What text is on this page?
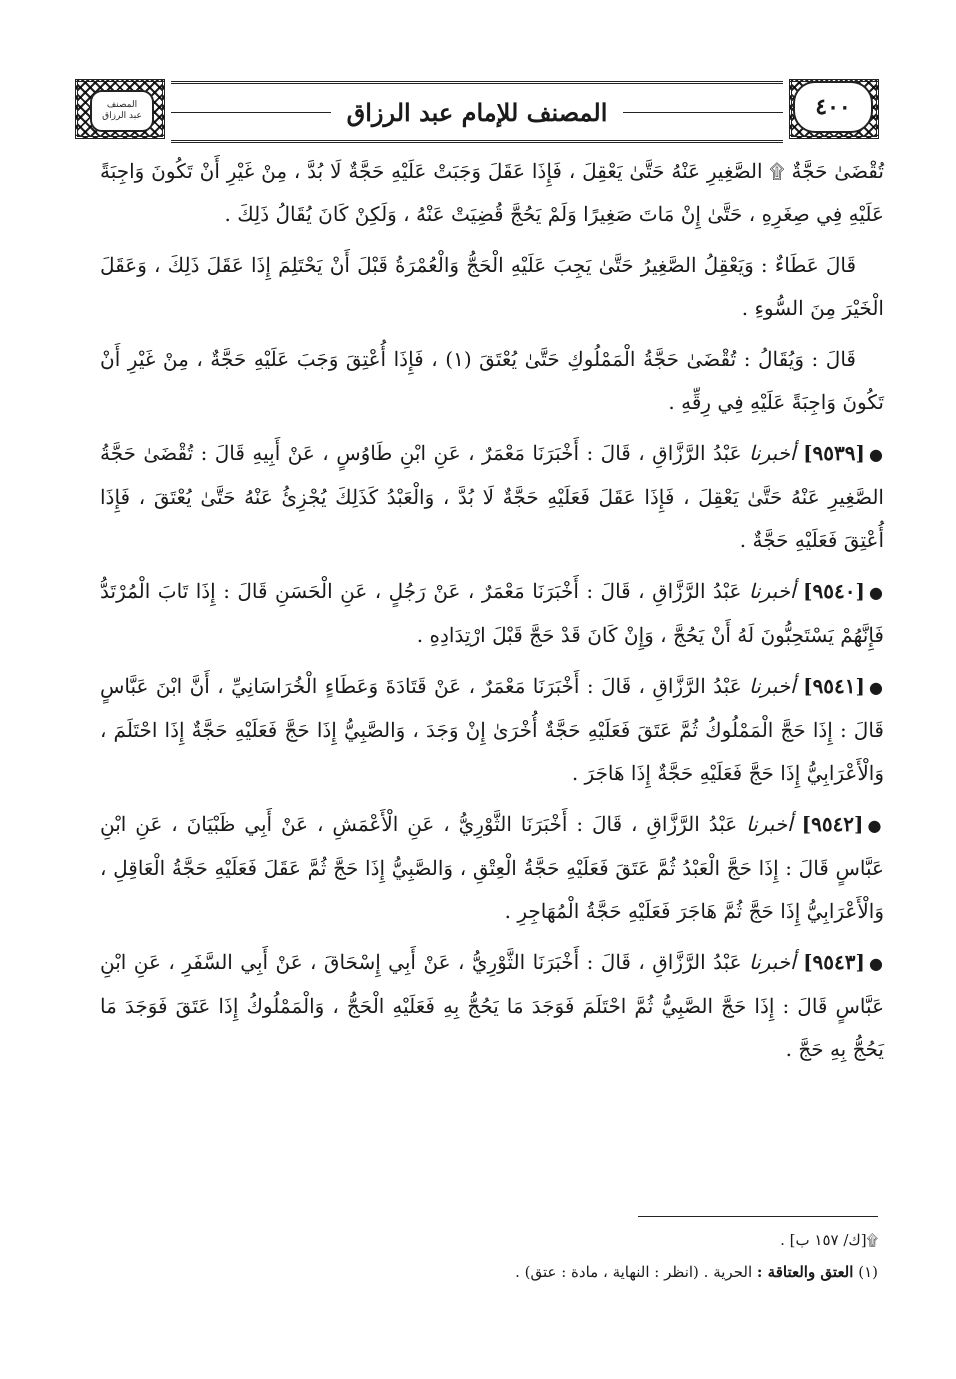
المصنف
عبد الرزاق	المصنف للإمام عبد الرزاق	٤٠٠

تُقْضَىٰ حَجَّةٌ ۩ الصَّغِيرِ عَنْهُ حَتَّىٰ يَعْقِلَ ، فَإِذَا عَقَلَ وَجَبَتْ عَلَيْهِ حَجَّةٌ لَا بُدَّ ، مِنْ غَيْرِ أَنْ تَكُونَ وَاجِبَةً عَلَيْهِ فِي صِغَرِهِ ، حَتَّىٰ إِنْ مَاتَ صَغِيرًا وَلَمْ يَحُجَّ قُضِيَتْ عَنْهُ ، وَلَكِنْ كَانَ يُقَالُ ذَلِكَ .

قَالَ عَطَاءٌ : وَيَعْقِلُ الصَّغِيرُ حَتَّىٰ يَجِبَ عَلَيْهِ الْحَجُّ وَالْعُمْرَةُ قَبْلَ أَنْ يَحْتَلِمَ إِذَا عَقَلَ ذَلِكَ ، وَعَقَلَ الْخَيْرَ مِنَ السُّوءِ .

قَالَ : وَيُقَالُ : تُقْضَىٰ حَجَّةُ الْمَمْلُوكِ حَتَّىٰ يُعْتَقَ (١) ، فَإِذَا أُعْتِقَ وَجَبَ عَلَيْهِ حَجَّةٌ ، مِنْ غَيْرِ أَنْ تَكُونَ وَاجِبَةً عَلَيْهِ فِي رِقِّهِ .

●[٩٥٣٩] أخبرنا عَبْدُ الرَّزَّاقِ ، قَالَ : أَخْبَرَنَا مَعْمَرٌ ، عَنِ ابْنِ طَاوُسٍ ، عَنْ أَبِيهِ قَالَ : تُقْضَىٰ حَجَّةُ الصَّغِيرِ عَنْهُ حَتَّىٰ يَعْقِلَ ، فَإِذَا عَقَلَ فَعَلَيْهِ حَجَّةٌ لَا بُدَّ ، وَالْعَبْدُ كَذَلِكَ يُجْزِئُ عَنْهُ حَتَّىٰ يُعْتَقَ ، فَإِذَا أُعْتِقَ فَعَلَيْهِ حَجَّةٌ .

●[٩٥٤٠] أخبرنا عَبْدُ الرَّزَّاقِ ، قَالَ : أَخْبَرَنَا مَعْمَرٌ ، عَنْ رَجُلٍ ، عَنِ الْحَسَنِ قَالَ : إِذَا تَابَ الْمُرْتَدُّ فَإِنَّهُمْ يَسْتَحِبُّونَ لَهُ أَنْ يَحُجَّ ، وَإِنْ كَانَ قَدْ حَجَّ قَبْلَ ارْتِدَادِهِ .

●[٩٥٤١] أخبرنا عَبْدُ الرَّزَّاقِ ، قَالَ : أَخْبَرَنَا مَعْمَرٌ ، عَنْ قَتَادَةَ وَعَطَاءٍ الْخُرَاسَانِيِّ ، أَنَّ ابْنَ عَبَّاسٍ قَالَ : إِذَا حَجَّ الْمَمْلُوكُ ثُمَّ عَتَقَ فَعَلَيْهِ حَجَّةٌ أُخْرَىٰ إِنْ وَجَدَ ، وَالصَّبِيُّ إِذَا حَجَّ فَعَلَيْهِ حَجَّةٌ إِذَا احْتَلَمَ ، وَالْأَعْرَابِيُّ إِذَا حَجَّ فَعَلَيْهِ حَجَّةٌ إِذَا هَاجَرَ .

●[٩٥٤٢] أخبرنا عَبْدُ الرَّزَّاقِ ، قَالَ : أَخْبَرَنَا الثَّوْرِيُّ ، عَنِ الْأَعْمَشِ ، عَنْ أَبِي ظَبْيَانَ ، عَنِ ابْنِ عَبَّاسٍ قَالَ : إِذَا حَجَّ الْعَبْدُ ثُمَّ عَتَقَ فَعَلَيْهِ حَجَّةُ الْعِتْقِ ، وَالصَّبِيُّ إِذَا حَجَّ ثُمَّ عَقَلَ فَعَلَيْهِ حَجَّةُ الْعَاقِلِ ، وَالْأَعْرَابِيُّ إِذَا حَجَّ ثُمَّ هَاجَرَ فَعَلَيْهِ حَجَّةُ الْمُهَاجِرِ .

●[٩٥٤٣] أخبرنا عَبْدُ الرَّزَّاقِ ، قَالَ : أَخْبَرَنَا الثَّوْرِيُّ ، عَنْ أَبِي إِسْحَاقَ ، عَنْ أَبِي السَّفَرِ ، عَنِ ابْنِ عَبَّاسٍ قَالَ : إِذَا حَجَّ الصَّبِيُّ ثُمَّ احْتَلَمَ فَوَجَدَ مَا يَحُجُّ بِهِ فَعَلَيْهِ الْحَجُّ ، وَالْمَمْلُوكُ إِذَا عَتَقَ فَوَجَدَ مَا يَحُجُّ بِهِ حَجَّ .

۩[ك/ ١٥٧ ب] .
(١) العتق والعتاقة : الحرية . (انظر : النهاية ، مادة : عتق) .
